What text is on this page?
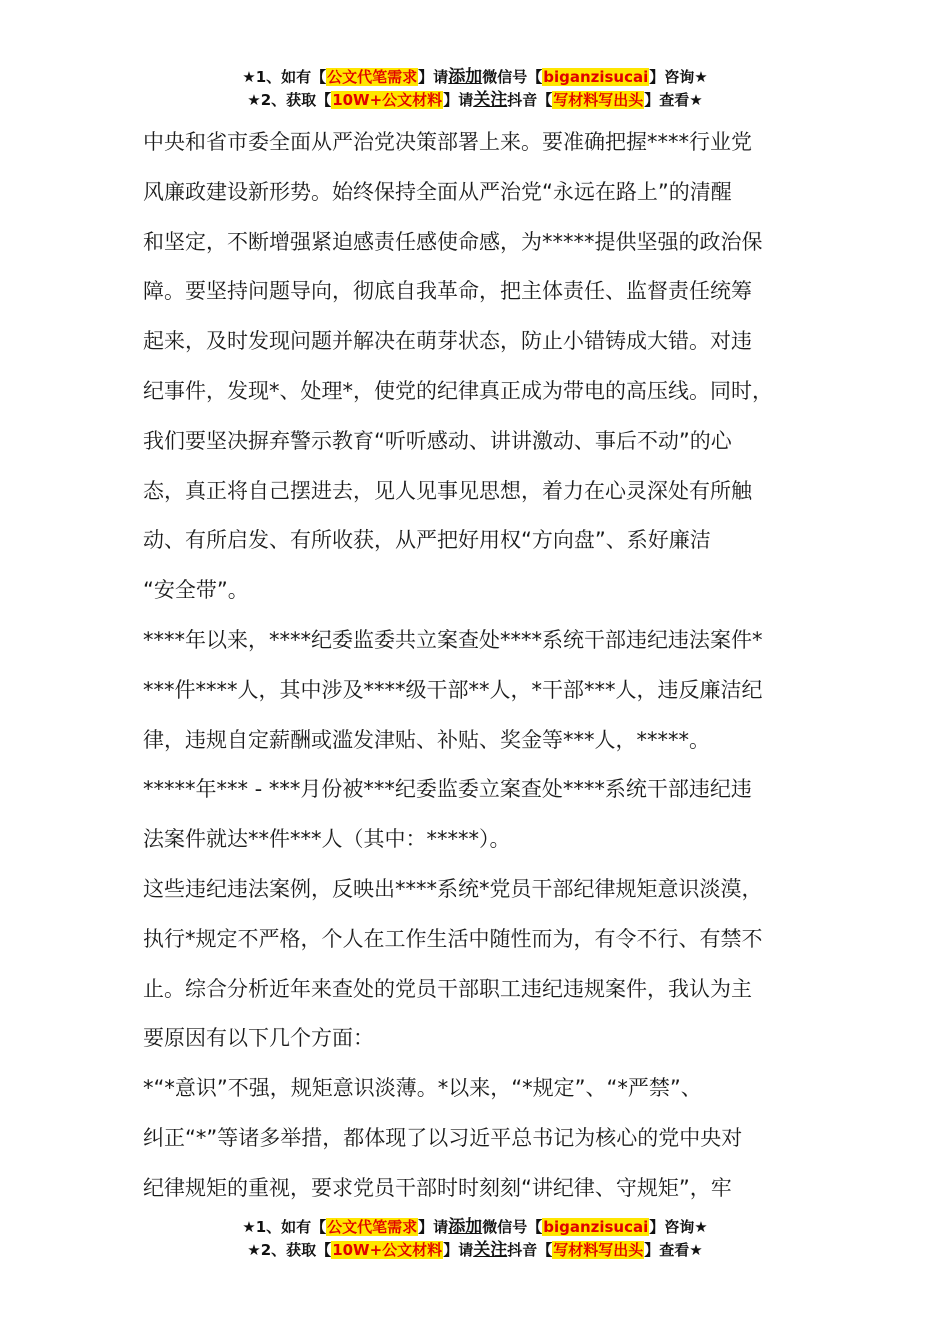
★1、如有【公文代笔需求】请添加微信号【biganzisucai】咨询★
★2、获取【10W+公文材料】请关注抖音【写材料写出头】查看★

中央和省市委全面从严治党决策部署上来。要准确把握****行业党

风廉政建设新形势。始终保持全面从严治党“永远在路上”的清醒

和坚定，不断增强紧迫感责任感使命感，为*****提供坚强的政治保

障。要坚持问题导向，彻底自我革命，把主体责任、监督责任统筹

起来，及时发现问题并解决在萌芽状态，防止小错铸成大错。对违

纪事件，发现*、处理*，使党的纪律真正成为带电的高压线。同时，

我们要坚决摒弃警示教育“听听感动、讲讲激动、事后不动”的心

态，真正将自己摆进去，见人见事见思想，着力在心灵深处有所触

动、有所启发、有所收获，从严把好用权“方向盘”、系好廉洁

“安全带”。

****年以来，****纪委监委共立案查处****系统干部违纪违法案件*

***件****人，其中涉及****级干部**人，*干部***人，违反廉洁纪

律，违规自定薪酬或滥发津贴、补贴、奖金等***人，*****。

*****年*** - ***月份被***纪委监委立案查处****系统干部违纪违

法案件就达**件***人（其中：*****）。

这些违纪违法案例，反映出****系统*党员干部纪律规矩意识淡漠，

执行*规定不严格，个人在工作生活中随性而为，有令不行、有禁不

止。综合分析近年来查处的党员干部职工违纪违规案件，我认为主

要原因有以下几个方面：

*“*意识”不强，规矩意识淡薄。*以来，“*规定”、“*严禁”、

纠正“*”等诸多举措，都体现了以习近平总书记为核心的党中央对

纪律规矩的重视，要求党员干部时时刻刻“讲纪律、守规矩”，牢

★1、如有【公文代笔需求】请添加微信号【biganzisucai】咨询★
★2、获取【10W+公文材料】请关注抖音【写材料写出头】查看★
